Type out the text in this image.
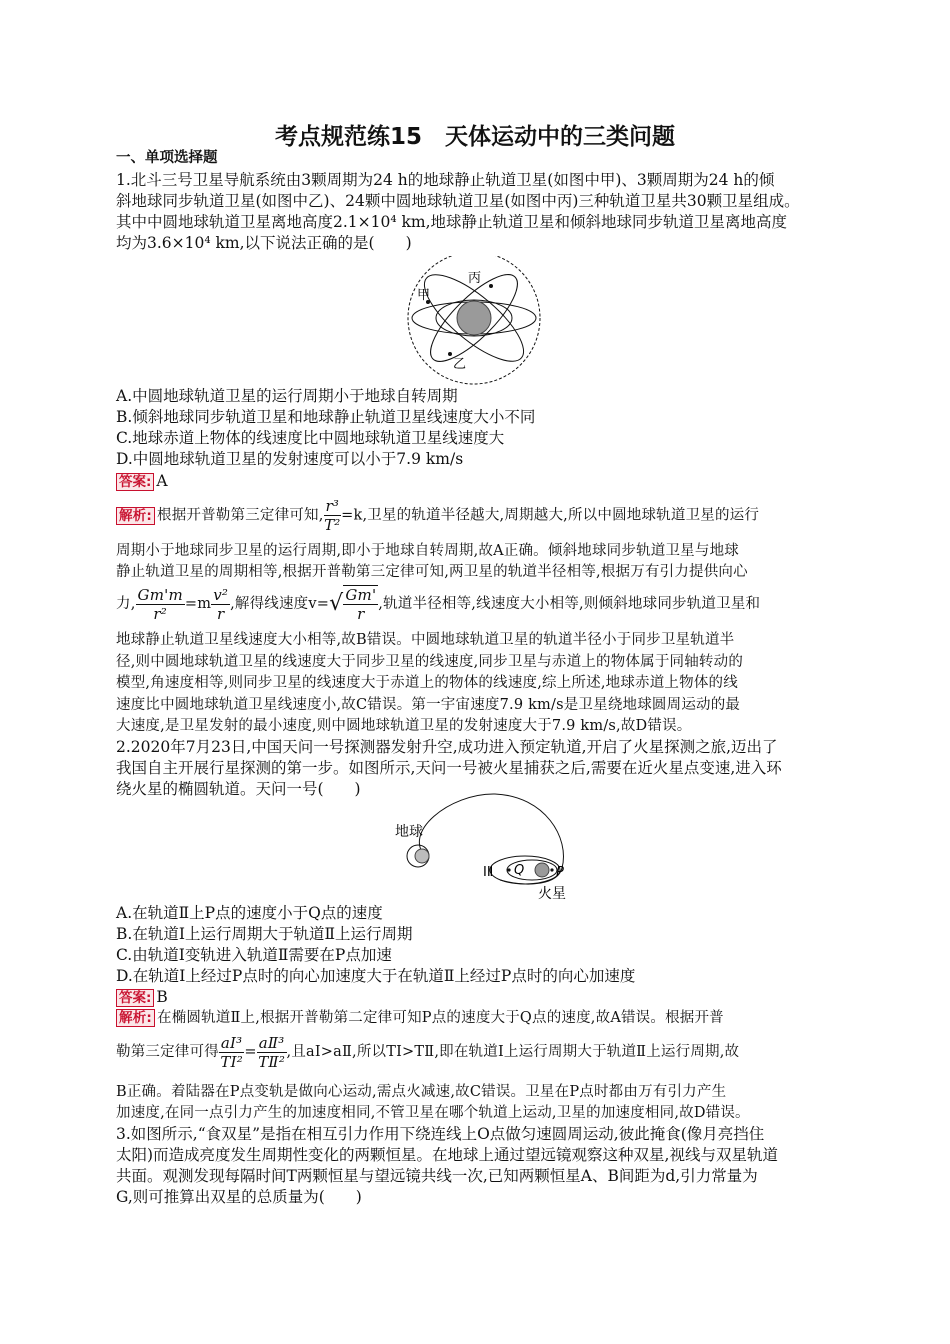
考点规范练15　天体运动中的三类问题
一、单项选择题
1.北斗三号卫星导航系统由3颗周期为24 h的地球静止轨道卫星(如图中甲)、3颗周期为24 h的倾
斜地球同步轨道卫星(如图中乙)、24颗中圆地球轨道卫星(如图中丙)三种轨道卫星共30颗卫星组成。
其中中圆地球轨道卫星离地高度2.1×10⁴ km,地球静止轨道卫星和倾斜地球同步轨道卫星离地高度
均为3.6×10⁴ km,以下说法正确的是(　　)
甲
丙
乙
A.中圆地球轨道卫星的运行周期小于地球自转周期
B.倾斜地球同步轨道卫星和地球静止轨道卫星线速度大小不同
C.地球赤道上物体的线速度比中圆地球轨道卫星线速度大
D.中圆地球轨道卫星的发射速度可以小于7.9 km/s
答案: A
解析: 根据开普勒第三定律可知, $\frac{\text{r³}}{\text{T²}} =k$,卫星的轨道半径越大,周期越大,所以中圆地球轨道卫星的运行
周期小于地球同步卫星的运行周期,即小于地球自转周期,故A正确。倾斜地球同步轨道卫星与地球
静止轨道卫星的周期相等,根据开普勒第三定律可知,两卫星的轨道半径相等,根据万有引力提供向心
力, $\frac{Gm'm}{\text{r²}} =m \frac{\text{v²}}{r}$ ,解得线速度$v=√ \frac{Gm'}{r}$ ,轨道半径相等,线速度大小相等,则倾斜地球同步轨道卫星和
地球静止轨道卫星线速度大小相等,故B错误。中圆地球轨道卫星的轨道半径小于同步卫星轨道半
径,则中圆地球轨道卫星的线速度大于同步卫星的线速度,同步卫星与赤道上的物体属于同轴转动的
模型,角速度相等,则同步卫星的线速度大于赤道上的物体的线速度,综上所述,地球赤道上物体的线
速度比中圆地球轨道卫星线速度小,故C错误。第一宇宙速度7.9 km/s是卫星绕地球圆周运动的最
大速度,是卫星发射的最小速度,则中圆地球轨道卫星的发射速度大于7.9 km/s,故D错误。
2.2020年7月23日,中国天问一号探测器发射升空,成功进入预定轨道,开启了火星探测之旅,迈出了
我国自主开展行星探测的第一步。如图所示,天问一号被火星捕获之后,需要在近火星点变速,进入环
绕火星的椭圆轨道。天问一号(　　)
地球
IⅡ Q P
火星
A.在轨道Ⅱ上P点的速度小于Q点的速度
B.在轨道Ⅰ上运行周期大于轨道Ⅱ上运行周期
C.由轨道Ⅰ变轨进入轨道Ⅱ需要在P点加速
D.在轨道Ⅰ上经过P点时的向心加速度大于在轨道Ⅱ上经过P点时的向心加速度
答案: B
解析: 在椭圆轨道Ⅱ上,根据开普勒第二定律可知P点的速度大于Q点的速度,故A错误。根据开普
勒第三定律可得 $\frac{\text{aⅠ³}}{\text{TⅠ²}} = \frac{\text{aⅡ³}}{\text{TⅡ²}}$ ,且aⅠ>aⅡ,所以TⅠ>TⅡ,即在轨道Ⅰ上运行周期大于轨道Ⅱ上运行周期,故
B正确。着陆器在P点变轨是做向心运动,需点火减速,故C错误。卫星在P点时都由万有引力产生
加速度,在同一点引力产生的加速度相同,不管卫星在哪个轨道上运动,卫星的加速度相同,故D错误。
3.如图所示,“食双星”是指在相互引力作用下绕连线上O点做匀速圆周运动,彼此掩食(像月亮挡住
太阳)而造成亮度发生周期性变化的两颗恒星。在地球上通过望远镜观察这种双星,视线与双星轨道
共面。观测发现每隔时间T两颗恒星与望远镜共线一次,已知两颗恒星A、B间距为d,引力常量为
G,则可推算出双星的总质量为(　　)
